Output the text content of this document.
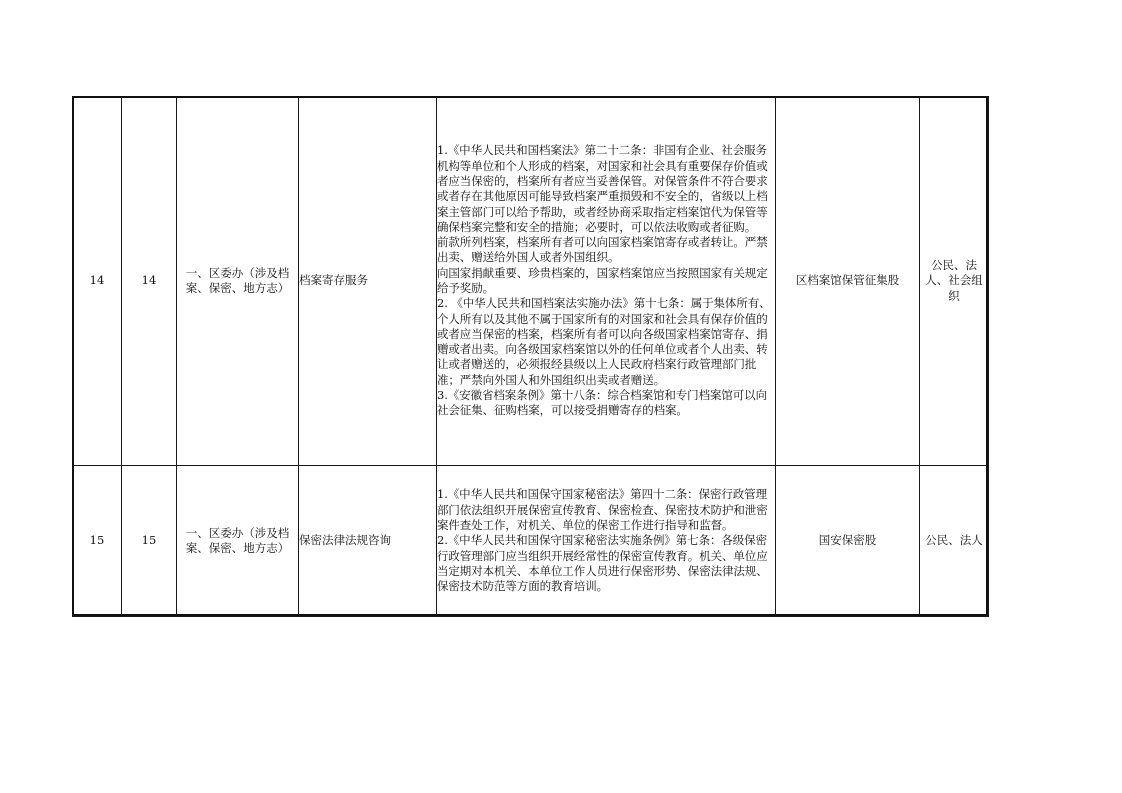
14	14	一、区委办（涉及档案、保密、地方志）	档案寄存服务	1.《中华人民共和国档案法》第二十二条：非国有企业、社会服务机构等单位和个人形成的档案，对国家和社会具有重要保存价值或者应当保密的，档案所有者应当妥善保管。对保管条件不符合要求或者存在其他原因可能导致档案严重损毁和不安全的，省级以上档案主管部门可以给予帮助，或者经协商采取指定档案馆代为保管等确保档案完整和安全的措施；必要时，可以依法收购或者征购。
前款所列档案，档案所有者可以向国家档案馆寄存或者转让。严禁出卖、赠送给外国人或者外国组织。
向国家捐献重要、珍贵档案的，国家档案馆应当按照国家有关规定给予奖励。
2. 《中华人民共和国档案法实施办法》第十七条：属于集体所有、个人所有以及其他不属于国家所有的对国家和社会具有保存价值的或者应当保密的档案，档案所有者可以向各级国家档案馆寄存、捐赠或者出卖。向各级国家档案馆以外的任何单位或者个人出卖、转让或者赠送的，必须报经县级以上人民政府档案行政管理部门批准；严禁向外国人和外国组织出卖或者赠送。
3.《安徽省档案条例》第十八条：综合档案馆和专门档案馆可以向社会征集、征购档案，可以接受捐赠寄存的档案。	区档案馆保管征集股	公民、法人、社会组织
15	15	一、区委办（涉及档案、保密、地方志）	保密法律法规咨询	1.《中华人民共和国保守国家秘密法》第四十二条：保密行政管理部门依法组织开展保密宣传教育、保密检查、保密技术防护和泄密案件查处工作，对机关、单位的保密工作进行指导和监督。
2.《中华人民共和国保守国家秘密法实施条例》第七条：各级保密行政管理部门应当组织开展经常性的保密宣传教育。机关、单位应当定期对本机关、本单位工作人员进行保密形势、保密法律法规、保密技术防范等方面的教育培训。	国安保密股	公民、法人
